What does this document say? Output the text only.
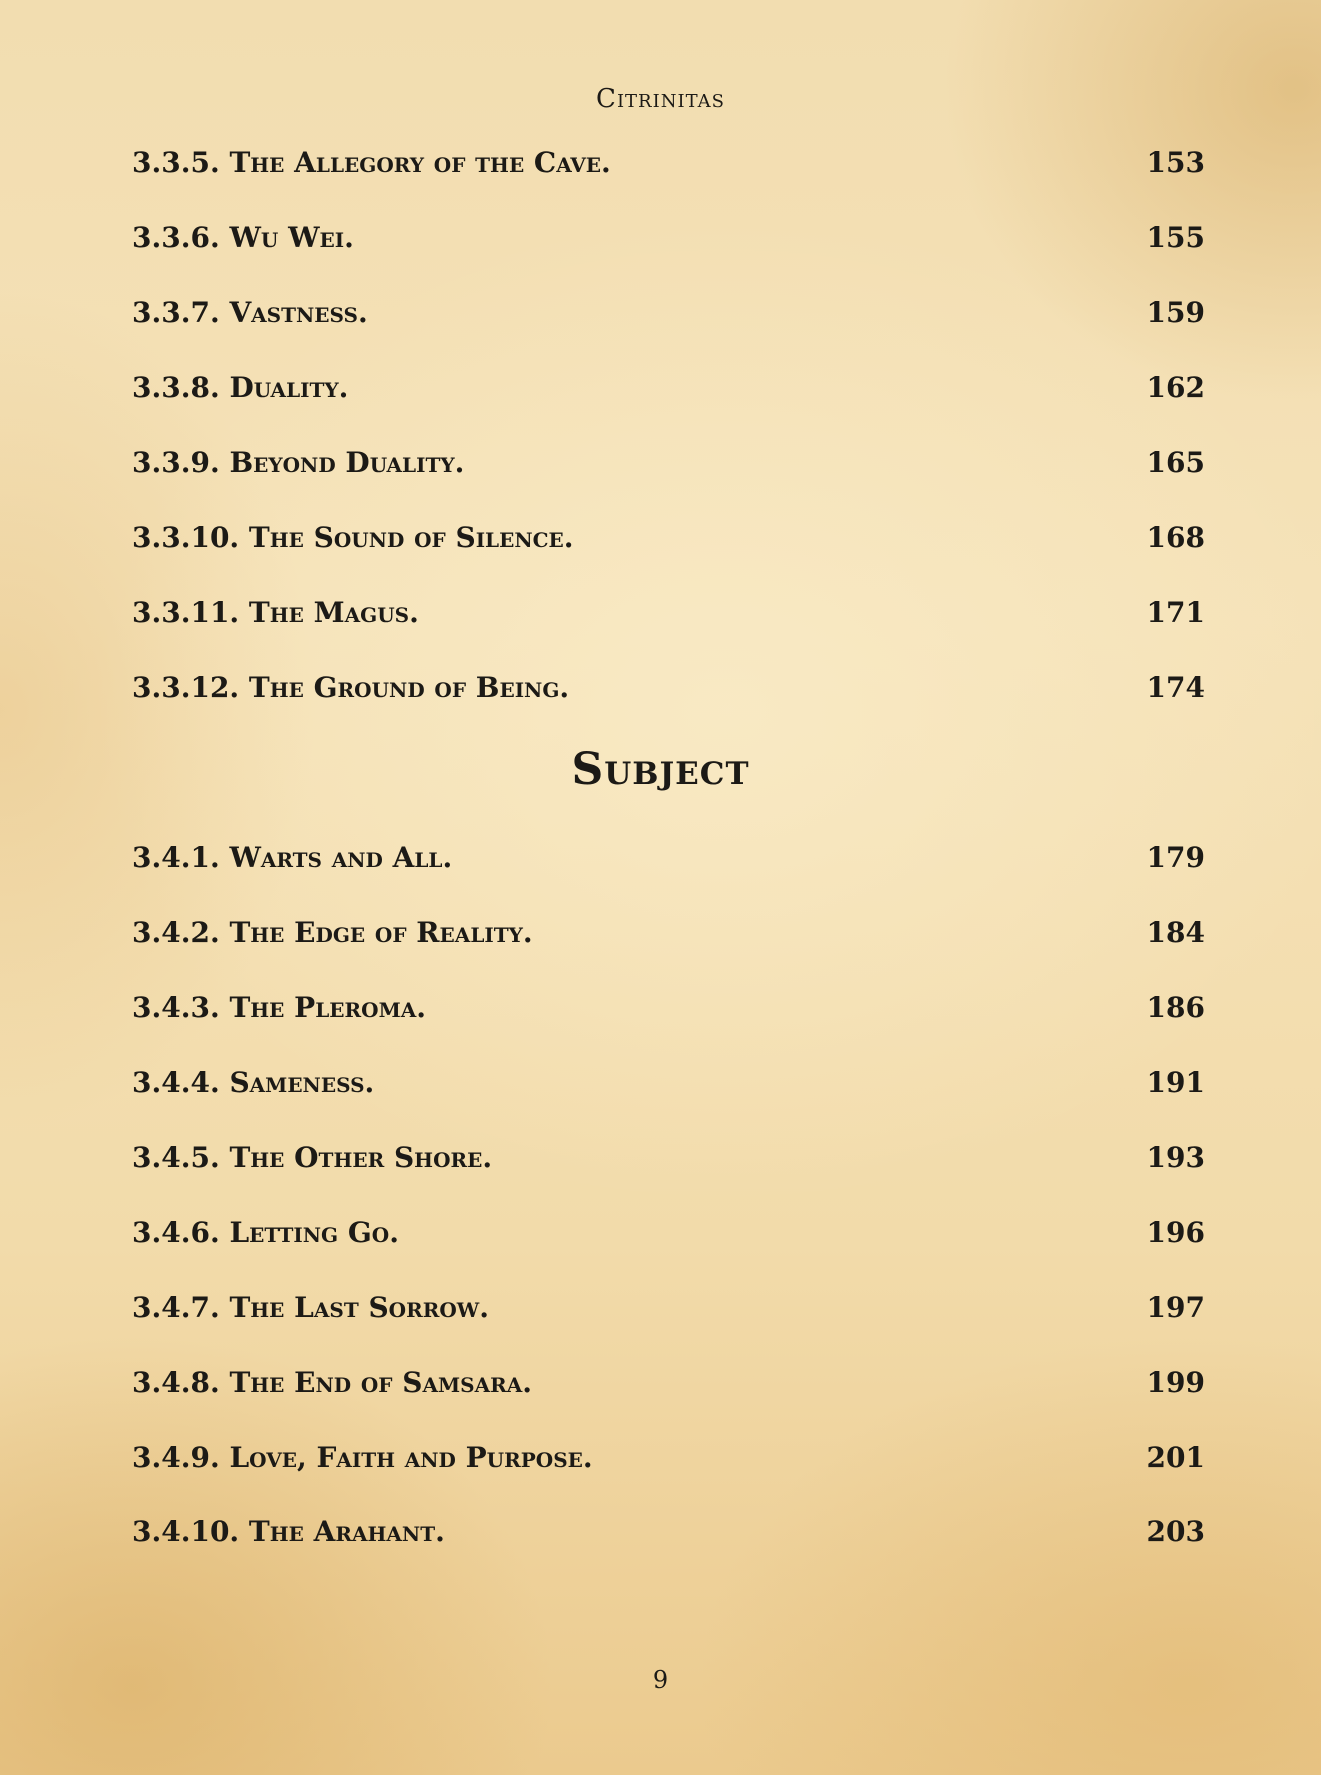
Citrinitas
3.3.5. The Allegory of the Cave.	153
3.3.6. Wu Wei.	155
3.3.7. Vastness.	159
3.3.8. Duality.	162
3.3.9. Beyond Duality.	165
3.3.10. The Sound of Silence.	168
3.3.11. The Magus.	171
3.3.12. The Ground of Being.	174
Subject
3.4.1. Warts and All.	179
3.4.2. The Edge of Reality.	184
3.4.3. The Pleroma.	186
3.4.4. Sameness.	191
3.4.5. The Other Shore.	193
3.4.6. Letting Go.	196
3.4.7. The Last Sorrow.	197
3.4.8. The End of Samsara.	199
3.4.9. Love, Faith and Purpose.	201
3.4.10. The Arahant.	203
9
